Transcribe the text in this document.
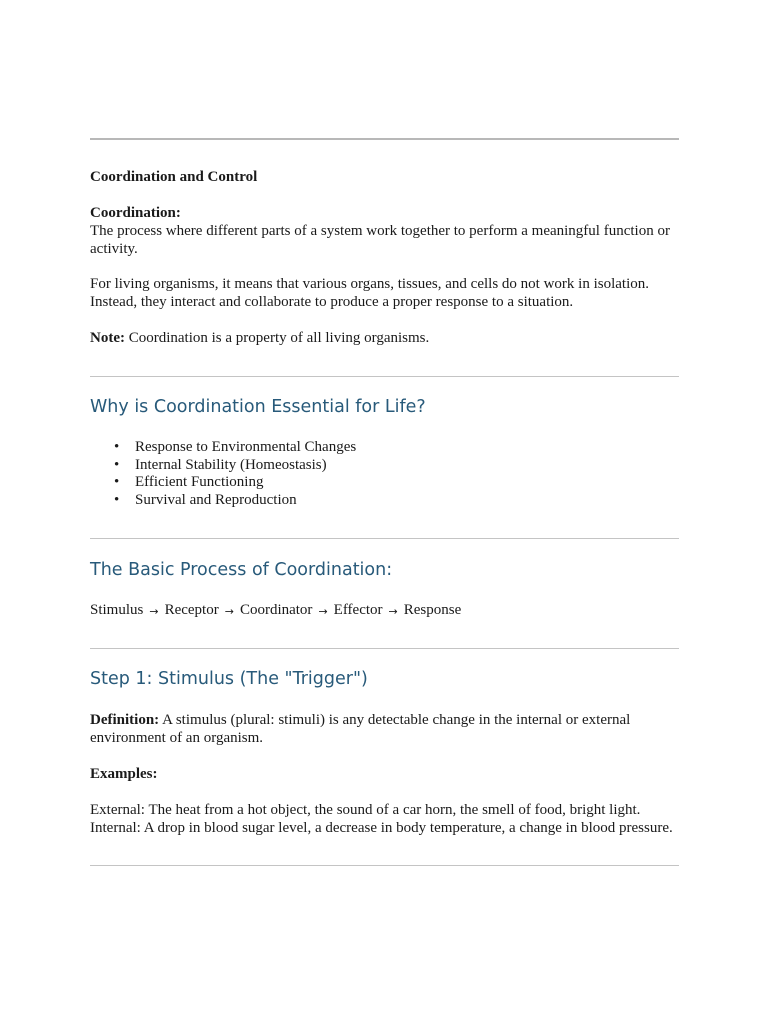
Coordination and Control

Coordination:

The process where different parts of a system work together to perform a meaningful function or activity.

For living organisms, it means that various organs, tissues, and cells do not work in isolation.

Instead, they interact and collaborate to produce a proper response to a situation.

Note: Coordination is a property of all living organisms.

Why is Coordination Essential for Life?
• Response to Environmental Changes
• Internal Stability (Homeostasis)
• Efficient Functioning
• Survival and Reproduction
The Basic Process of Coordination:
Stimulus → Receptor → Coordinator → Effector → Response
Step 1: Stimulus (The "Trigger")

Definition: A stimulus (plural: stimuli) is any detectable change in the internal or external environment of an organism.

Examples:

External: The heat from a hot object, the sound of a car horn, the smell of food, bright light.

Internal: A drop in blood sugar level, a decrease in body temperature, a change in blood pressure.
